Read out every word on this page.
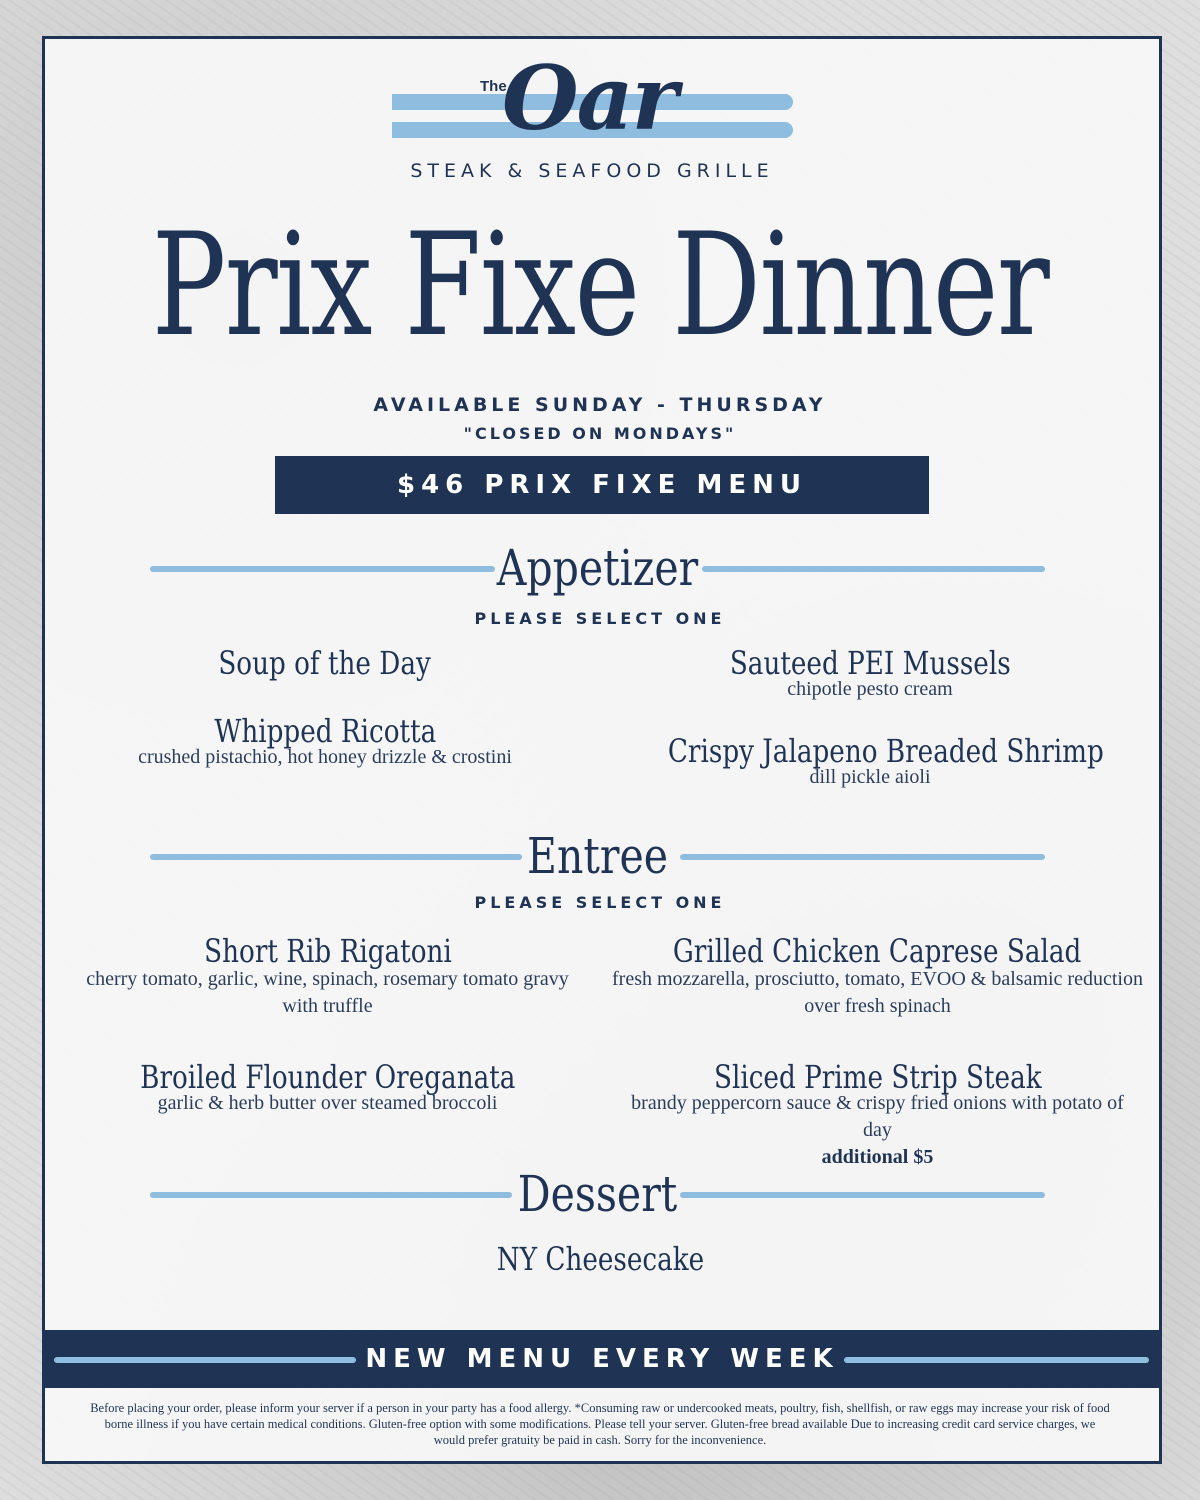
The
Oar
STEAK & SEAFOOD GRILLE
Prix Fixe Dinner
AVAILABLE SUNDAY - THURSDAY
"CLOSED ON MONDAYS"
$46 PRIX FIXE MENU
Appetizer
PLEASE SELECT ONE
Soup of the Day	Sauteed PEI Mussels
chipotle pesto cream
Whipped Ricotta
crushed pistachio, hot honey drizzle & crostini	Crispy Jalapeno Breaded Shrimp
dill pickle aioli
Entree
PLEASE SELECT ONE
Short Rib Rigatoni
cherry tomato, garlic, wine, spinach, rosemary tomato gravy with truffle
Grilled Chicken Caprese Salad
fresh mozzarella, prosciutto, tomato, EVOO & balsamic reduction over fresh spinach
Broiled Flounder Oreganata
garlic & herb butter over steamed broccoli
Sliced Prime Strip Steak
brandy peppercorn sauce & crispy fried onions with potato of day
additional $5
Dessert
NY Cheesecake
NEW MENU EVERY WEEK
Before placing your order, please inform your server if a person in your party has a food allergy. *Consuming raw or undercooked meats, poultry, fish, shellfish, or raw eggs may increase your risk of food borne illness if you have certain medical conditions. Gluten-free option with some modifications. Please tell your server. Gluten-free bread available Due to increasing credit card service charges, we would prefer gratuity be paid in cash. Sorry for the inconvenience.
